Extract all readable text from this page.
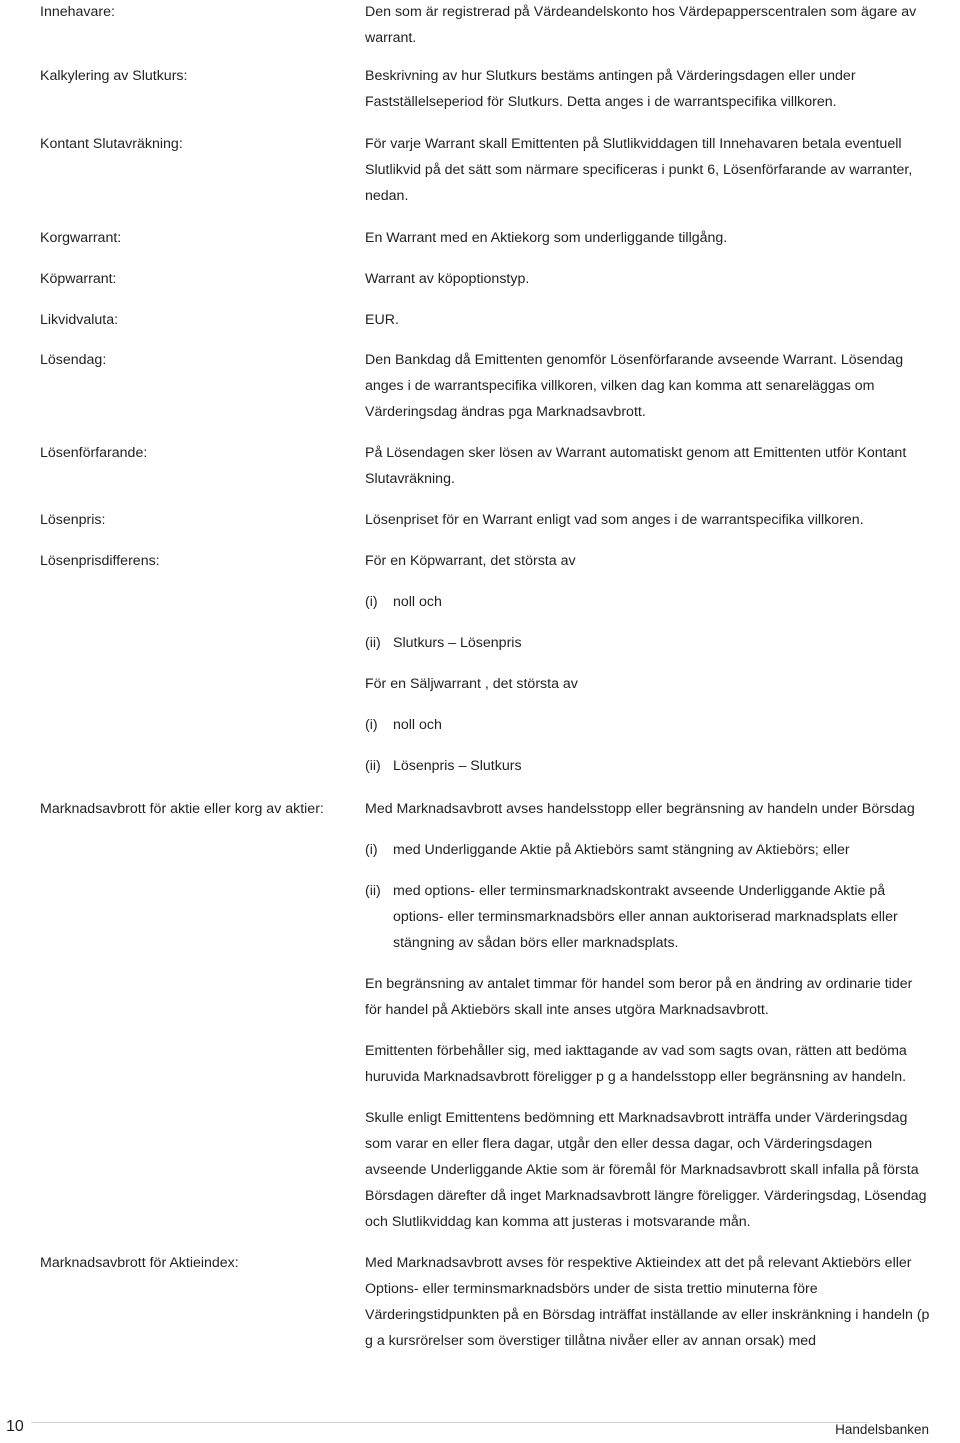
Innehavare:	Den som är registrerad på Värdeandelskonto hos Värdepapperscentralen som ägare av warrant.

Kalkylering av Slutkurs:	Beskrivning av hur Slutkurs bestäms antingen på Värderingsdagen eller under Fastställelseperiod för Slutkurs. Detta anges i de warrantspecifika villkoren.

Kontant Slutavräkning:	För varje Warrant skall Emittenten på Slutlikviddagen till Innehavaren betala eventuell Slutlikvid på det sätt som närmare specificeras i punkt 6, Lösenförfarande av warranter, nedan.

Korgwarrant:	En Warrant med en Aktiekorg som underliggande tillgång.

Köpwarrant:	Warrant av köpoptionstyp.

Likvidvaluta:	EUR.

Lösendag:	Den Bankdag då Emittenten genomför Lösenförfarande avseende Warrant. Lösendag anges i de warrantspecifika villkoren, vilken dag kan komma att senareläggas om Värderingsdag ändras pga Marknadsavbrott.

Lösenförfarande:	På Lösendagen sker lösen av Warrant automatiskt genom att Emittenten utför Kontant Slutavräkning.

Lösenpris:	Lösenpriset för en Warrant enligt vad som anges i de warrantspecifika villkoren.

Lösenprisdifferens:	För en Köpwarrant, det största av

(i)	noll och
(ii) Slutkurs – Lösenpris

För en Säljwarrant , det största av

(i)	noll och
(ii) Lösenpris – Slutkurs
Marknadsavbrott för aktie eller korg av aktier:	Med Marknadsavbrott avses handelsstopp eller begränsning av handeln under Börsdag

(i)	med Underliggande Aktie på Aktiebörs samt stängning av Aktiebörs; eller
(ii) med options- eller terminsmarknadskontrakt avseende Underliggande Aktie på options- eller terminsmarknadsbörs eller annan auktoriserad marknadsplats eller stängning av sådan börs eller marknadsplats.

En begränsning av antalet timmar för handel som beror på en ändring av ordinarie tider för handel på Aktiebörs skall inte anses utgöra Marknadsavbrott.

Emittenten förbehåller sig, med iakttagande av vad som sagts ovan, rätten att bedöma huruvida Marknadsavbrott föreligger p g a handelsstopp eller begränsning av handeln.

Skulle enligt Emittentens bedömning ett Marknadsavbrott inträffa under Värderingsdag som varar en eller flera dagar, utgår den eller dessa dagar, och Värderingsdagen avseende Underliggande Aktie som är föremål för Marknadsavbrott skall infalla på första Börsdagen därefter då inget Marknadsavbrott längre föreligger. Värderingsdag, Lösendag och Slutlikviddag kan komma att justeras i motsvarande mån.

Marknadsavbrott för Aktieindex:	Med Marknadsavbrott avses för respektive Aktieindex att det på relevant Aktiebörs eller Options- eller terminsmarknadsbörs under de sista trettio minuterna före Värderingstidpunkten på en Börsdag inträffat inställande av eller inskränkning i handeln (p g a kursrörelser som överstiger tillåtna nivåer eller av annan orsak) med

10	Handelsbanken
